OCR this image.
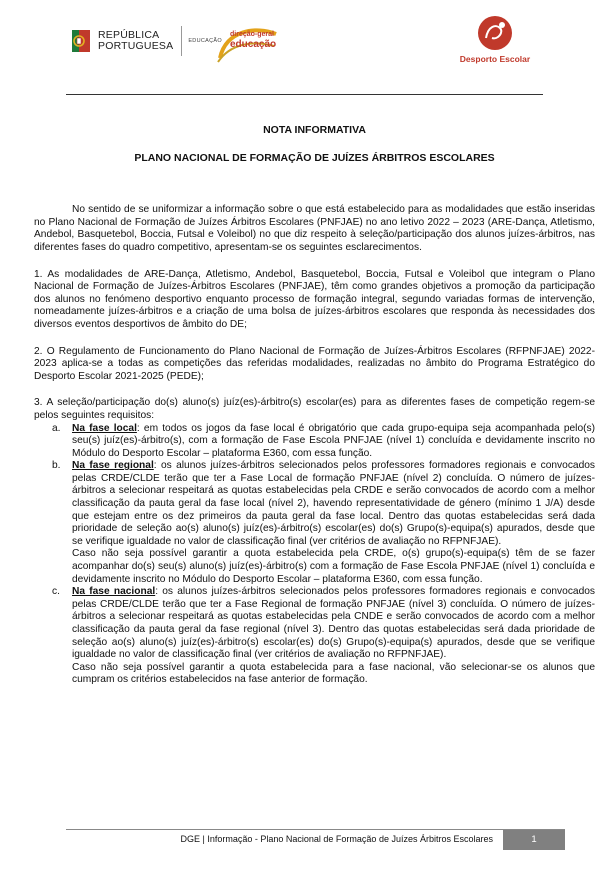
REPÚBLICA
PORTUGUESA	EDUCAÇÃO
direção-geral
educação
Desporto Escolar
NOTA INFORMATIVA
PLANO NACIONAL DE FORMAÇÃO DE JUÍZES ÁRBITROS ESCOLARES

No sentido de se uniformizar a informação sobre o que está estabelecido para as modalidades que estão inseridas no Plano Nacional de Formação de Juízes Árbitros Escolares (PNFJAE) no ano letivo 2022 – 2023 (ARE-Dança, Atletismo, Andebol, Basquetebol, Boccia, Futsal e Voleibol) no que diz respeito à seleção/participação dos alunos juízes-árbitros, nas diferentes fases do quadro competitivo, apresentam-se os seguintes esclarecimentos.

1. As modalidades de ARE-Dança, Atletismo, Andebol, Basquetebol, Boccia, Futsal e Voleibol que integram o Plano Nacional de Formação de Juízes-Árbitros Escolares (PNFJAE), têm como grandes objetivos a promoção da participação dos alunos no fenómeno desportivo enquanto processo de formação integral, segundo variadas formas de intervenção, nomeadamente juízes-árbitros e a criação de uma bolsa de juízes-árbitros escolares que responda às necessidades dos diversos eventos desportivos de âmbito do DE;

2. O Regulamento de Funcionamento do Plano Nacional de Formação de Juízes-Árbitros Escolares (RFPNFJAE) 2022-2023 aplica-se a todas as competições das referidas modalidades, realizadas no âmbito do Programa Estratégico do Desporto Escolar 2021-2025 (PEDE);

3. A seleção/participação do(s) aluno(s) juíz(es)-árbitro(s) escolar(es) para as diferentes fases de competição regem-se pelos seguintes requisitos:

a. Na fase local: em todos os jogos da fase local é obrigatório que cada grupo-equipa seja acompanhada pelo(s) seu(s) juíz(es)-árbitro(s), com a formação de Fase Escola PNFJAE (nível 1) concluída e devidamente inscrito no Módulo do Desporto Escolar – plataforma E360, com essa função.
b. Na fase regional: os alunos juízes-árbitros selecionados pelos professores formadores regionais e convocados pelas CRDE/CLDE terão que ter a Fase Local de formação PNFJAE (nível 2) concluída. O número de juízes-árbitros a selecionar respeitará as quotas estabelecidas pela CRDE e serão convocados de acordo com a melhor classificação da pauta geral da fase local (nível 2), havendo representatividade de género (mínimo 1 J/A) desde que estejam entre os dez primeiros da pauta geral da fase local. Dentro das quotas estabelecidas será dada prioridade de seleção ao(s) aluno(s) juíz(es)-árbitro(s) escolar(es) do(s) Grupo(s)-equipa(s) apurados, desde que se verifique igualdade no valor de classificação final (ver critérios de avaliação no RFPNFJAE).

Caso não seja possível garantir a quota estabelecida pela CRDE, o(s) grupo(s)-equipa(s) têm de se fazer acompanhar do(s) seu(s) aluno(s) juíz(es)-árbitro(s) com a formação de Fase Escola PNFJAE (nível 1) concluída e devidamente inscrito no Módulo do Desporto Escolar – plataforma E360, com essa função.

c. Na fase nacional: os alunos juízes-árbitros selecionados pelos professores formadores regionais e convocados pelas CRDE/CLDE terão que ter a Fase Regional de formação PNFJAE (nível 3) concluída. O número de juízes-árbitros a selecionar respeitará as quotas estabelecidas pela CNDE e serão convocados de acordo com a melhor classificação da pauta geral da fase regional (nível 3). Dentro das quotas estabelecidas será dada prioridade de seleção ao(s) aluno(s) juíz(es)-árbitro(s) escolar(es) do(s) Grupo(s)-equipa(s) apurados, desde que se verifique igualdade no valor de classificação final (ver critérios de avaliação no RFPNFJAE).

Caso não seja possível garantir a quota estabelecida para a fase nacional, vão selecionar-se os alunos que cumpram os critérios estabelecidos na fase anterior de formação.

DGE | Informação - Plano Nacional de Formação de Juízes Árbitros Escolares	1
